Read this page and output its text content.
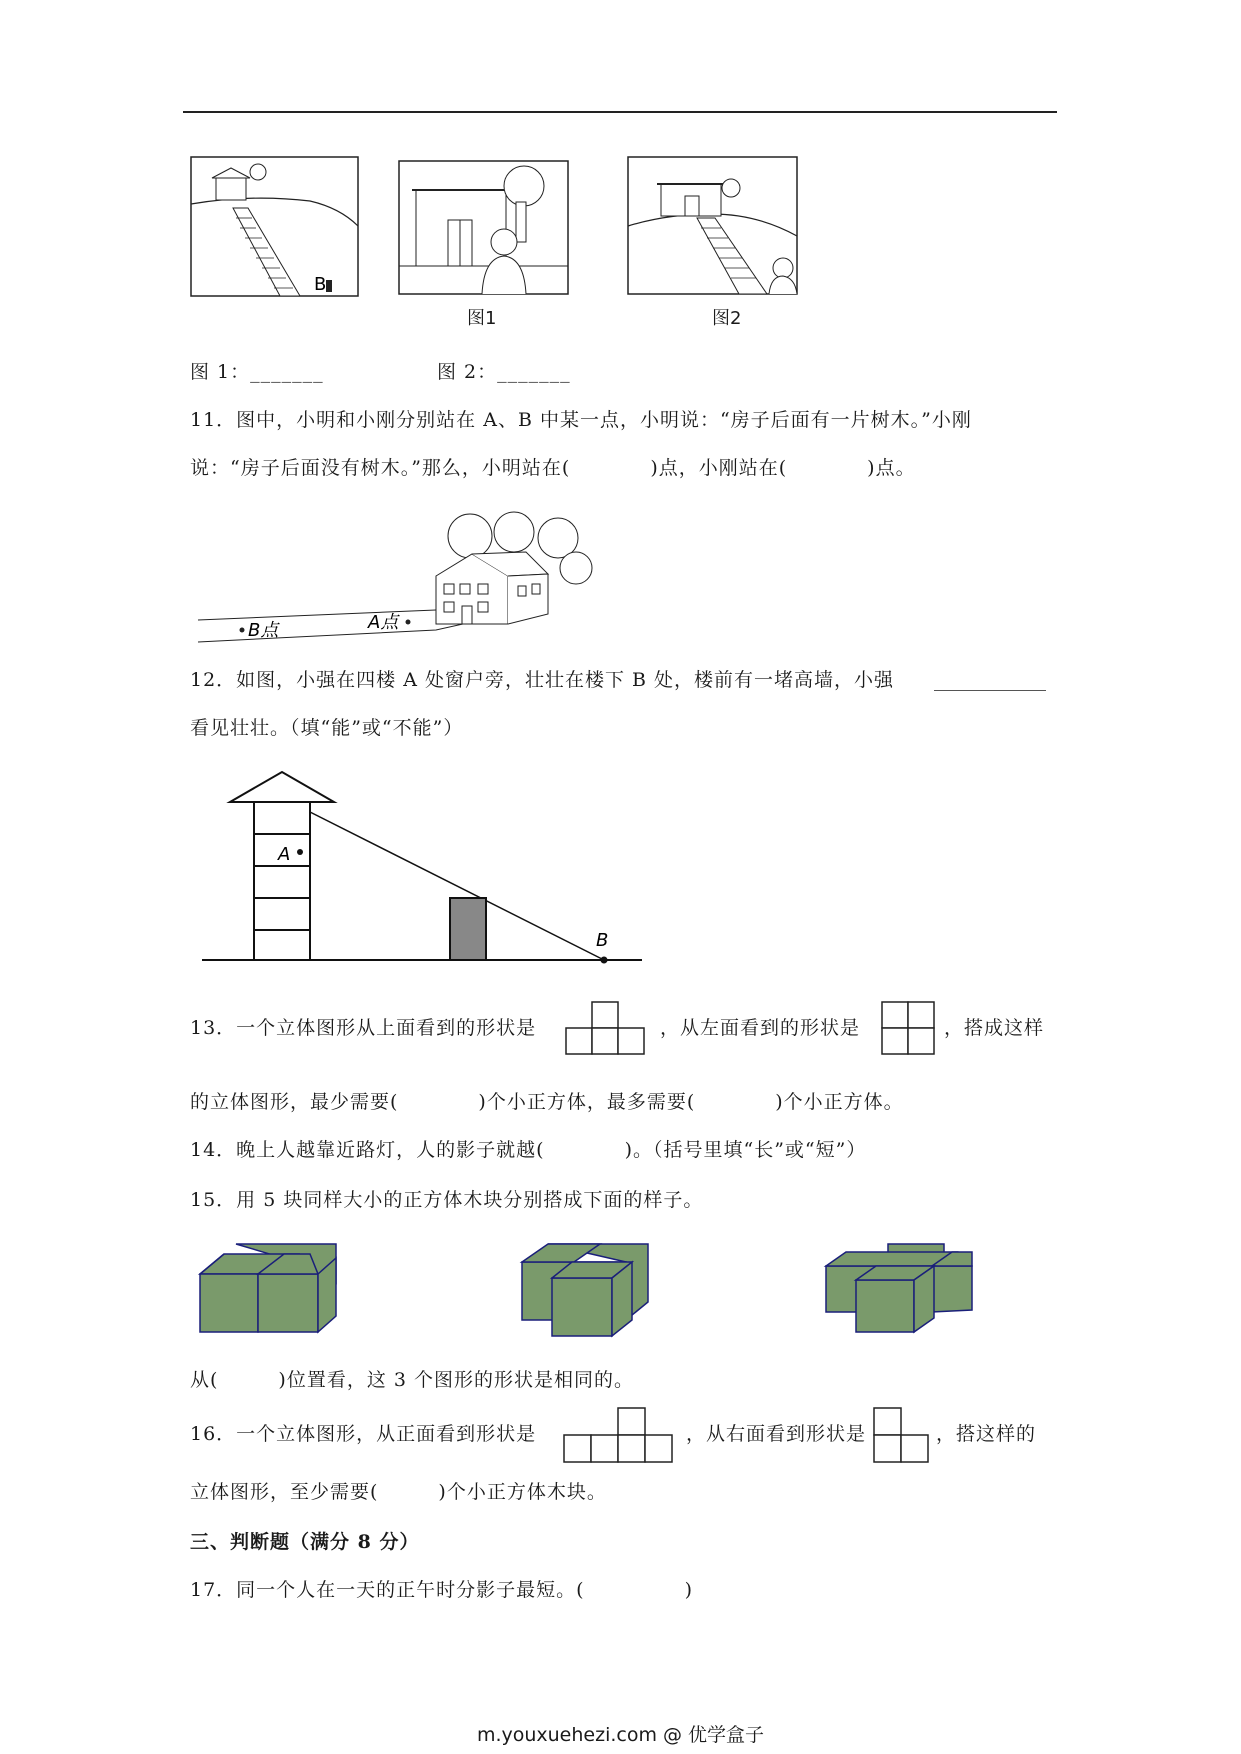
B
图1	图2
图 1：_______	图 2：_______
11．图中，小明和小刚分别站在 A、B 中某一点，小明说：“房子后面有一片树木。”小刚
说：“房子后面没有树木。”那么，小明站在(　　　　)点，小刚站在(　　　　)点。
B点	A点
12．如图，小强在四楼 A 处窗户旁，壮壮在楼下 B 处，楼前有一堵高墙，小强
看见壮壮。（填“能”或“不能”）
A
B
13．一个立体图形从上面看到的形状是	，从左面看到的形状是	，搭成这样
的立体图形，最少需要(　　　　)个小正方体，最多需要(　　　　)个小正方体。
14．晚上人越靠近路灯，人的影子就越(　　　　)。（括号里填“长”或“短”）
15．用 5 块同样大小的正方体木块分别搭成下面的样子。
从(　　　)位置看，这 3 个图形的形状是相同的。
16．一个立体图形，从正面看到形状是	，从右面看到形状是	，搭这样的
立体图形，至少需要(　　　)个小正方体木块。
三、判断题（满分 8 分）
17．同一个人在一天的正午时分影子最短。(　　　　　)
m.youxuehezi.com @ 优学盒子
